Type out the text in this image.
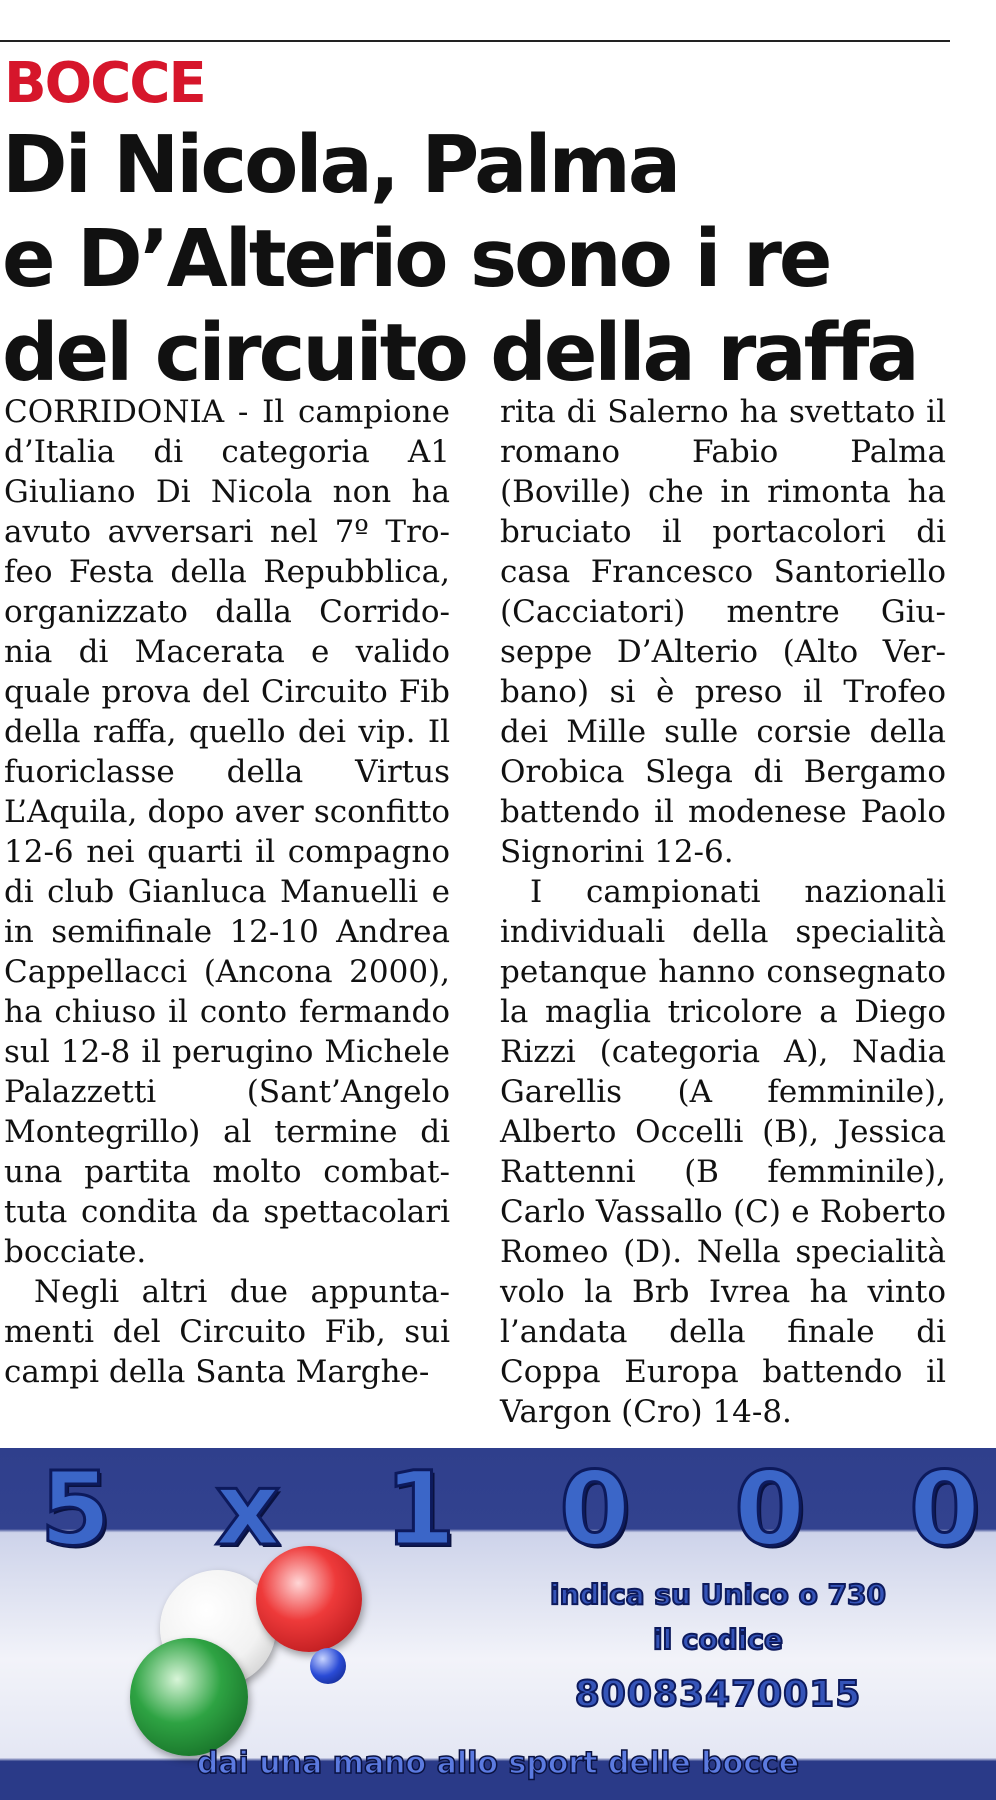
BOCCE
Di Nicola, Palma
e D’Alterio sono i re
del circuito della raffa

CORRIDONIA - Il campione d’Italia di categoria A1 Giuliano Di Nicola non ha avuto avversari nel 7º Trofeo Festa della Repubblica, organizzato dalla Corridonia di Macerata e valido quale prova del Circuito Fib della raffa, quello dei vip. Il fuoriclasse della Virtus L’Aquila, dopo aver sconfitto 12-6 nei quarti il compagno di club Gianluca Manuelli e in semifinale 12-10 Andrea Cappellacci (Ancona 2000), ha chiuso il conto fermando sul 12-8 il perugino Michele Palazzetti (Sant’Angelo Montegrillo) al termine di una partita molto combattuta condita da spettacolari bocciate.

Negli altri due appuntamenti del Circuito Fib, sui campi della Santa Marghe-

rita di Salerno ha svettato il romano Fabio Palma (Boville) che in rimonta ha bruciato il portacolori di casa Francesco Santoriello (Cacciatori) mentre Giuseppe D’Alterio (Alto Verbano) si è preso il Trofeo dei Mille sulle corsie della Orobica Slega di Bergamo battendo il modenese Paolo Signorini 12-6.

I campionati nazionali individuali della specialità petanque hanno consegnato la maglia tricolore a Diego Rizzi (categoria A), Nadia Garellis (A femminile), Alberto Occelli (B), Jessica Rattenni (B femminile), Carlo Vassallo (C) e Roberto Romeo (D). Nella specialità volo la Brb Ivrea ha vinto l’andata della finale di Coppa Europa battendo il Vargon (Cro) 14-8.

5 x 1 0 0 0
indica su Unico o 730
il codice
80083470015
dai una mano allo sport delle bocce
